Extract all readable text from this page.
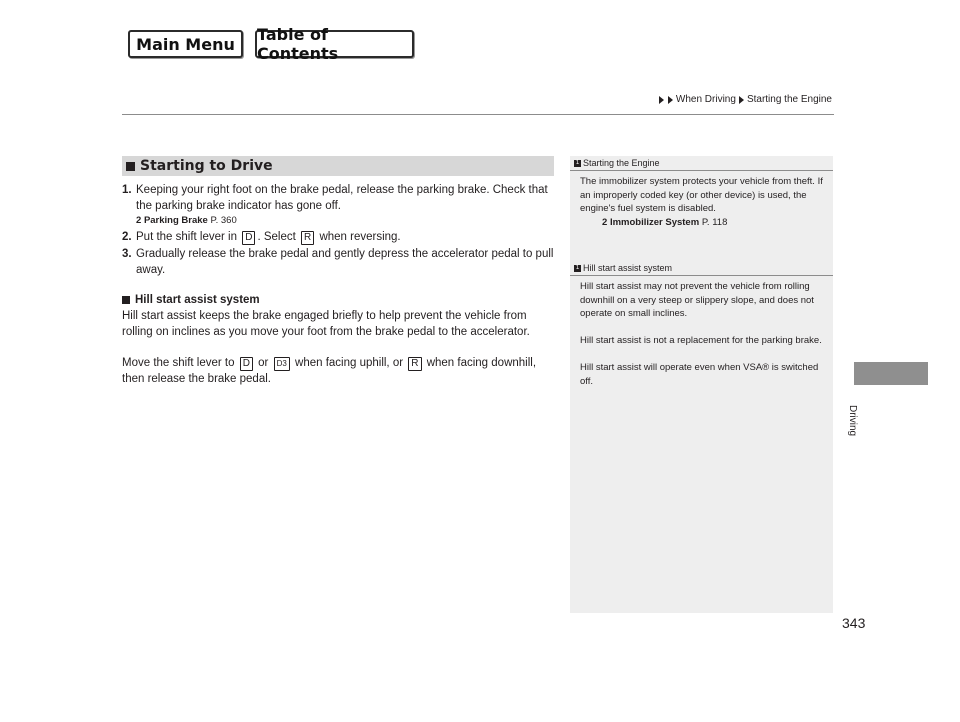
Main Menu	Table of Contents
When Driving Starting the Engine
Driving
Starting to Drive
1. Keeping your right foot on the brake pedal, release the parking brake. Check that the parking brake indicator has gone off.
2 Parking Brake P. 360
2. Put the shift lever in D . Select R when reversing.
3. Gradually release the brake pedal and gently depress the accelerator pedal to pull away.
Hill start assist system
Hill start assist keeps the brake engaged briefly to help prevent the vehicle from rolling on inclines as you move your foot from the brake pedal to the accelerator.
Move the shift lever to D or D3 when facing uphill, or R when facing downhill, then release the brake pedal.
1 Starting the Engine

The immobilizer system protects your vehicle from theft. If an improperly coded key (or other device) is used, the engine's fuel system is disabled.

2 Immobilizer System P. 118
1 Hill start assist system

Hill start assist may not prevent the vehicle from rolling downhill on a very steep or slippery slope, and does not operate on small inclines.

Hill start assist is not a replacement for the parking brake.

Hill start assist will operate even when VSA® is switched off.

343
